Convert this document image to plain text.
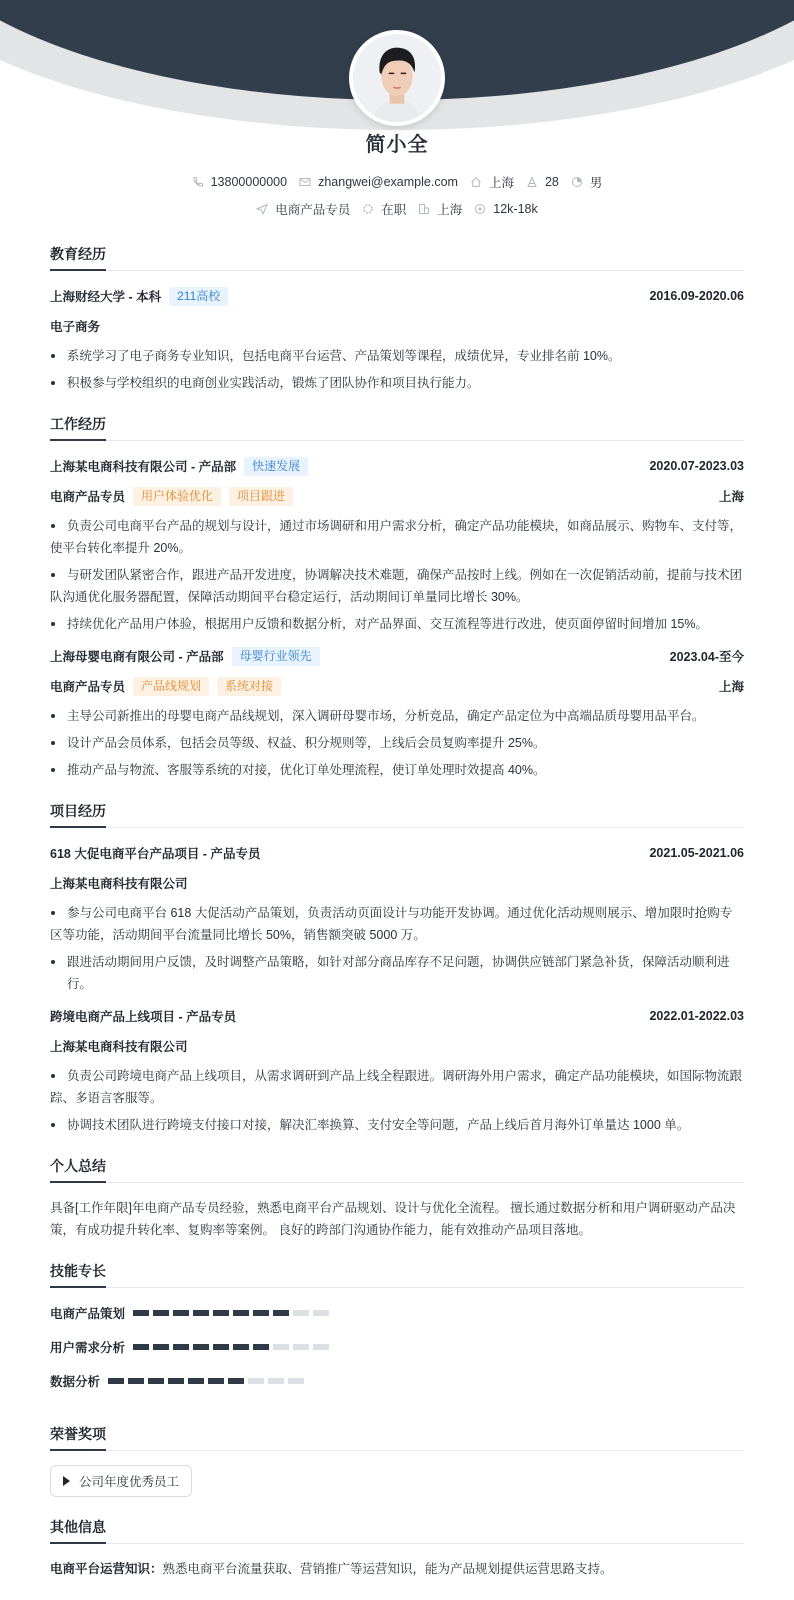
简小全
13800000000 zhangwei@example.com 上海 28 男
电商产品专员 在职 上海 12k-18k
教育经历
上海财经大学 - 本科	211高校	2016.09-2020.06
电子商务
系统学习了电子商务专业知识，包括电商平台运营、产品策划等课程，成绩优异，专业排名前 10%。
积极参与学校组织的电商创业实践活动，锻炼了团队协作和项目执行能力。
工作经历
上海某电商科技有限公司 - 产品部	快速发展	2020.07-2023.03
电商产品专员	用户体验优化	项目跟进	上海
负责公司电商平台产品的规划与设计，通过市场调研和用户需求分析，确定产品功能模块，如商品展示、购物车、支付等，使平台转化率提升 20%。
与研发团队紧密合作，跟进产品开发进度，协调解决技术难题，确保产品按时上线。例如在一次促销活动前，提前与技术团队沟通优化服务器配置，保障活动期间平台稳定运行，活动期间订单量同比增长 30%。
持续优化产品用户体验，根据用户反馈和数据分析，对产品界面、交互流程等进行改进，使页面停留时间增加 15%。
上海母婴电商有限公司 - 产品部	母婴行业领先	2023.04-至今
电商产品专员	产品线规划	系统对接	上海
主导公司新推出的母婴电商产品线规划，深入调研母婴市场，分析竞品，确定产品定位为中高端品质母婴用品平台。
设计产品会员体系，包括会员等级、权益、积分规则等，上线后会员复购率提升 25%。
推动产品与物流、客服等系统的对接，优化订单处理流程，使订单处理时效提高 40%。
项目经历
618 大促电商平台产品项目 - 产品专员	2021.05-2021.06
上海某电商科技有限公司
参与公司电商平台 618 大促活动产品策划，负责活动页面设计与功能开发协调。通过优化活动规则展示、增加限时抢购专区等功能，活动期间平台流量同比增长 50%，销售额突破 5000 万。
跟进活动期间用户反馈，及时调整产品策略，如针对部分商品库存不足问题，协调供应链部门紧急补货，保障活动顺利进行。
跨境电商产品上线项目 - 产品专员	2022.01-2022.03
上海某电商科技有限公司
负责公司跨境电商产品上线项目，从需求调研到产品上线全程跟进。调研海外用户需求，确定产品功能模块，如国际物流跟踪、多语言客服等。
协调技术团队进行跨境支付接口对接，解决汇率换算、支付安全等问题，产品上线后首月海外订单量达 1000 单。
个人总结

具备[工作年限]年电商产品专员经验，熟悉电商平台产品规划、设计与优化全流程。 擅长通过数据分析和用户调研驱动产品决策，有成功提升转化率、复购率等案例。 良好的跨部门沟通协作能力，能有效推动产品项目落地。

技能专长
电商产品策划
用户需求分析
数据分析
荣誉奖项
公司年度优秀员工
其他信息

电商平台运营知识：熟悉电商平台流量获取、营销推广等运营知识，能为产品规划提供运营思路支持。
